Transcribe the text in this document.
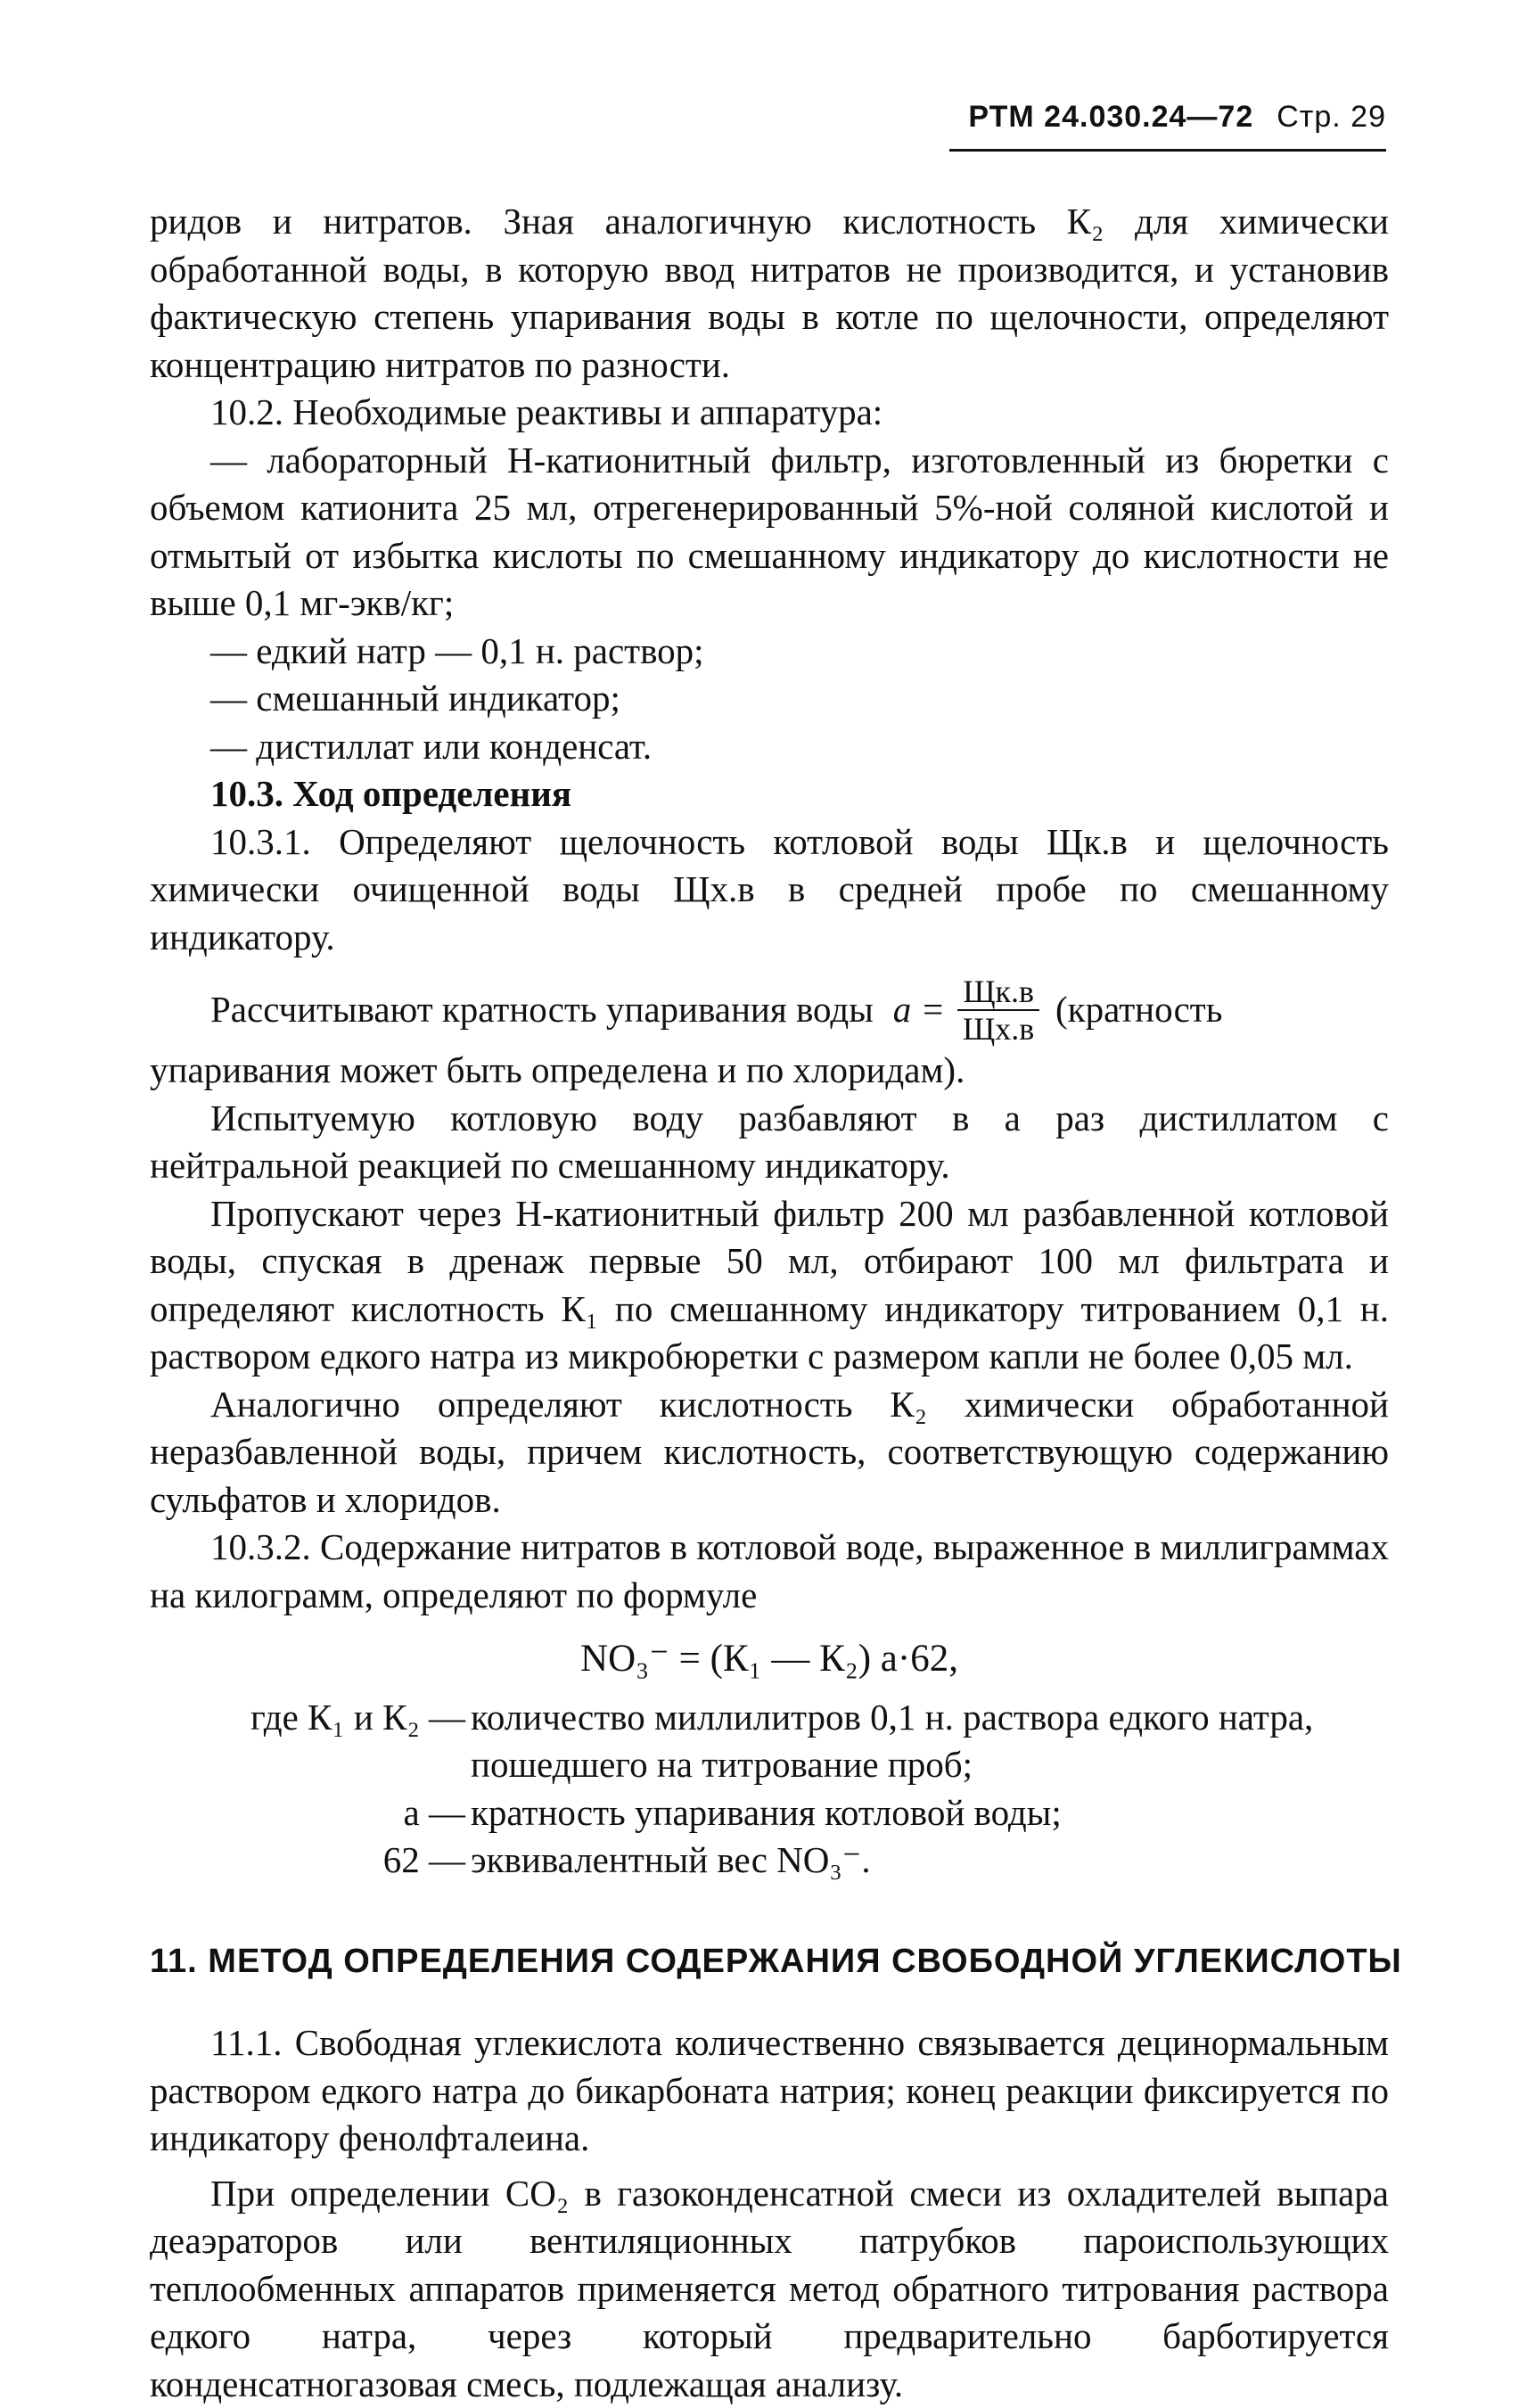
РТМ 24.030.24—72 Стр. 29

ридов и нитратов. Зная аналогичную кислотность К₂ для химически обработанной воды, в которую ввод нитратов не производится, и установив фактическую степень упаривания воды в котле по щелочности, определяют концентрацию нитратов по разности.

10.2. Необходимые реактивы и аппаратура:

— лабораторный Н-катионитный фильтр, изготовленный из бюретки с объемом катионита 25 мл, отрегенерированный 5%-ной соляной кислотой и отмытый от избытка кислоты по смешанному индикатору до кислотности не выше 0,1 мг-экв/кг;

— едкий натр — 0,1 н. раствор;

— смешанный индикатор;

— дистиллат или конденсат.

10.3. Ход определения

10.3.1. Определяют щелочность котловой воды Щк.в и щелочность химически очищенной воды Щх.в в средней пробе по смешанному индикатору.

Рассчитывают кратность упаривания воды $a = \frac{Щк.в}{Щх.в}$ (кратность

упаривания может быть определена и по хлоридам).

Испытуемую котловую воду разбавляют в a раз дистиллатом с нейтральной реакцией по смешанному индикатору.

Пропускают через Н-катионитный фильтр 200 мл разбавленной котловой воды, спуская в дренаж первые 50 мл, отбирают 100 мл фильтрата и определяют кислотность К₁ по смешанному индикатору титрованием 0,1 н. раствором едкого натра из микробюретки с размером капли не более 0,05 мл.

Аналогично определяют кислотность К₂ химически обработанной неразбавленной воды, причем кислотность, соответствующую содержанию сульфатов и хлоридов.

10.3.2. Содержание нитратов в котловой воде, выраженное в миллиграммах на килограмм, определяют по формуле

NO₃⁻ = (К₁ — К₂) a·62,
где К₁ и К₂ — количество миллилитров 0,1 н. раствора едкого натра, пошедшего на титрование проб;
a — кратность упаривания котловой воды;
62 — эквивалентный вес NO₃⁻.
11. МЕТОД ОПРЕДЕЛЕНИЯ СОДЕРЖАНИЯ СВОБОДНОЙ УГЛЕКИСЛОТЫ

11.1. Свободная углекислота количественно связывается децинормальным раствором едкого натра до бикарбоната натрия; конец реакции фиксируется по индикатору фенолфталеина.

При определении CO₂ в газоконденсатной смеси из охладителей выпара деаэраторов или вентиляционных патрубков пароиспользующих теплообменных аппаратов применяется метод обратного титрования раствора едкого натра, через который предварительно барботируется конденсатногазовая смесь, подлежащая анализу.
